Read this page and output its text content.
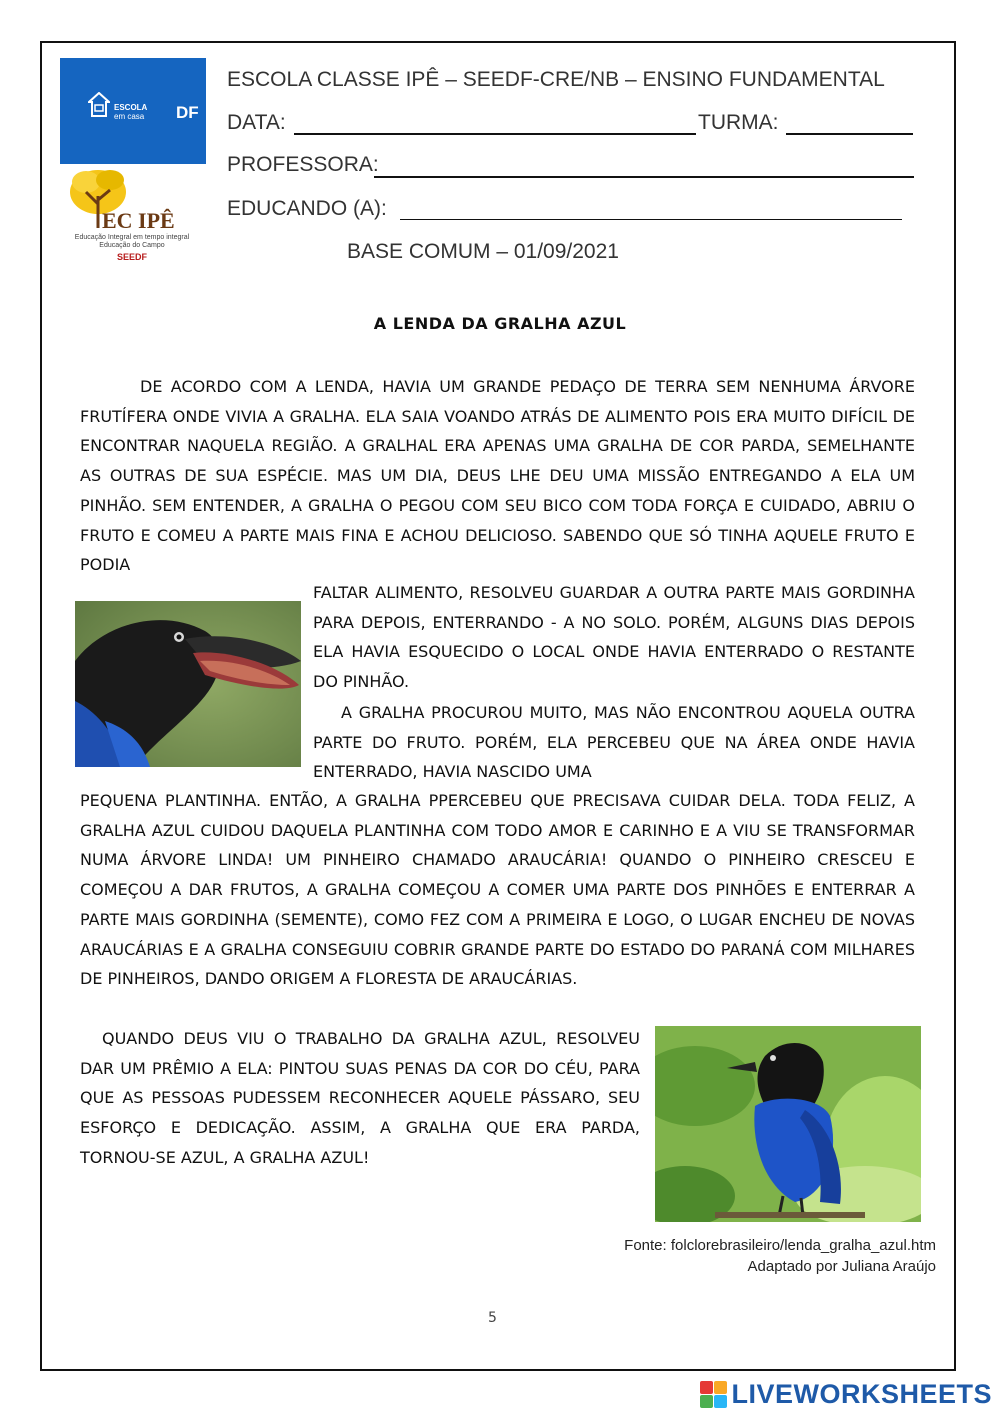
ESCOLA
em casa DF
EC IPÊ
Educação Integral em tempo integral
Educação do Campo
SEEDF
ESCOLA CLASSE IPÊ – SEEDF-CRE/NB – ENSINO FUNDAMENTAL
DATA:	TURMA:
PROFESSORA:
EDUCANDO (A):
BASE COMUM – 01/09/2021
A LENDA DA GRALHA AZUL
DE ACORDO COM A LENDA, HAVIA UM GRANDE PEDAÇO DE TERRA SEM NENHUMA ÁRVORE FRUTÍFERA ONDE VIVIA A GRALHA. ELA SAIA VOANDO ATRÁS DE ALIMENTO POIS ERA MUITO DIFÍCIL DE ENCONTRAR NAQUELA REGIÃO. A GRALHAL ERA APENAS UMA GRALHA DE COR PARDA, SEMELHANTE AS OUTRAS DE SUA ESPÉCIE. MAS UM DIA, DEUS LHE DEU UMA MISSÃO ENTREGANDO A ELA UM PINHÃO. SEM ENTENDER, A GRALHA O PEGOU COM SEU BICO COM TODA FORÇA E CUIDADO, ABRIU O FRUTO E COMEU A PARTE MAIS FINA E ACHOU DELICIOSO. SABENDO QUE SÓ TINHA AQUELE FRUTO E PODIA
FALTAR ALIMENTO, RESOLVEU GUARDAR A OUTRA PARTE MAIS GORDINHA PARA DEPOIS, ENTERRANDO - A NO SOLO. PORÉM, ALGUNS DIAS DEPOIS ELA HAVIA ESQUECIDO O LOCAL ONDE HAVIA ENTERRADO O RESTANTE DO PINHÃO.
A GRALHA PROCUROU MUITO, MAS NÃO ENCONTROU AQUELA OUTRA PARTE DO FRUTO. PORÉM, ELA PERCEBEU QUE NA ÁREA ONDE HAVIA ENTERRADO, HAVIA NASCIDO UMA
PEQUENA PLANTINHA. ENTÃO, A GRALHA PPERCEBEU QUE PRECISAVA CUIDAR DELA. TODA FELIZ, A GRALHA AZUL CUIDOU DAQUELA PLANTINHA COM TODO AMOR E CARINHO E A VIU SE TRANSFORMAR NUMA ÁRVORE LINDA! UM PINHEIRO CHAMADO ARAUCÁRIA! QUANDO O PINHEIRO CRESCEU E COMEÇOU A DAR FRUTOS, A GRALHA COMEÇOU A COMER UMA PARTE DOS PINHÕES E ENTERRAR A PARTE MAIS GORDINHA (SEMENTE), COMO FEZ COM A PRIMEIRA E LOGO, O LUGAR ENCHEU DE NOVAS ARAUCÁRIAS E A GRALHA CONSEGUIU COBRIR GRANDE PARTE DO ESTADO DO PARANÁ COM MILHARES DE PINHEIROS, DANDO ORIGEM A FLORESTA DE ARAUCÁRIAS.
QUANDO DEUS VIU O TRABALHO DA GRALHA AZUL, RESOLVEU DAR UM PRÊMIO A ELA: PINTOU SUAS PENAS DA COR DO CÉU, PARA QUE AS PESSOAS PUDESSEM RECONHECER AQUELE PÁSSARO, SEU ESFORÇO E DEDICAÇÃO. ASSIM, A GRALHA QUE ERA PARDA, TORNOU-SE AZUL, A GRALHA AZUL!
Fonte: folclorebrasileiro/lenda_gralha_azul.htm
Adaptado por Juliana Araújo
5
LIVEWORKSHEETS
